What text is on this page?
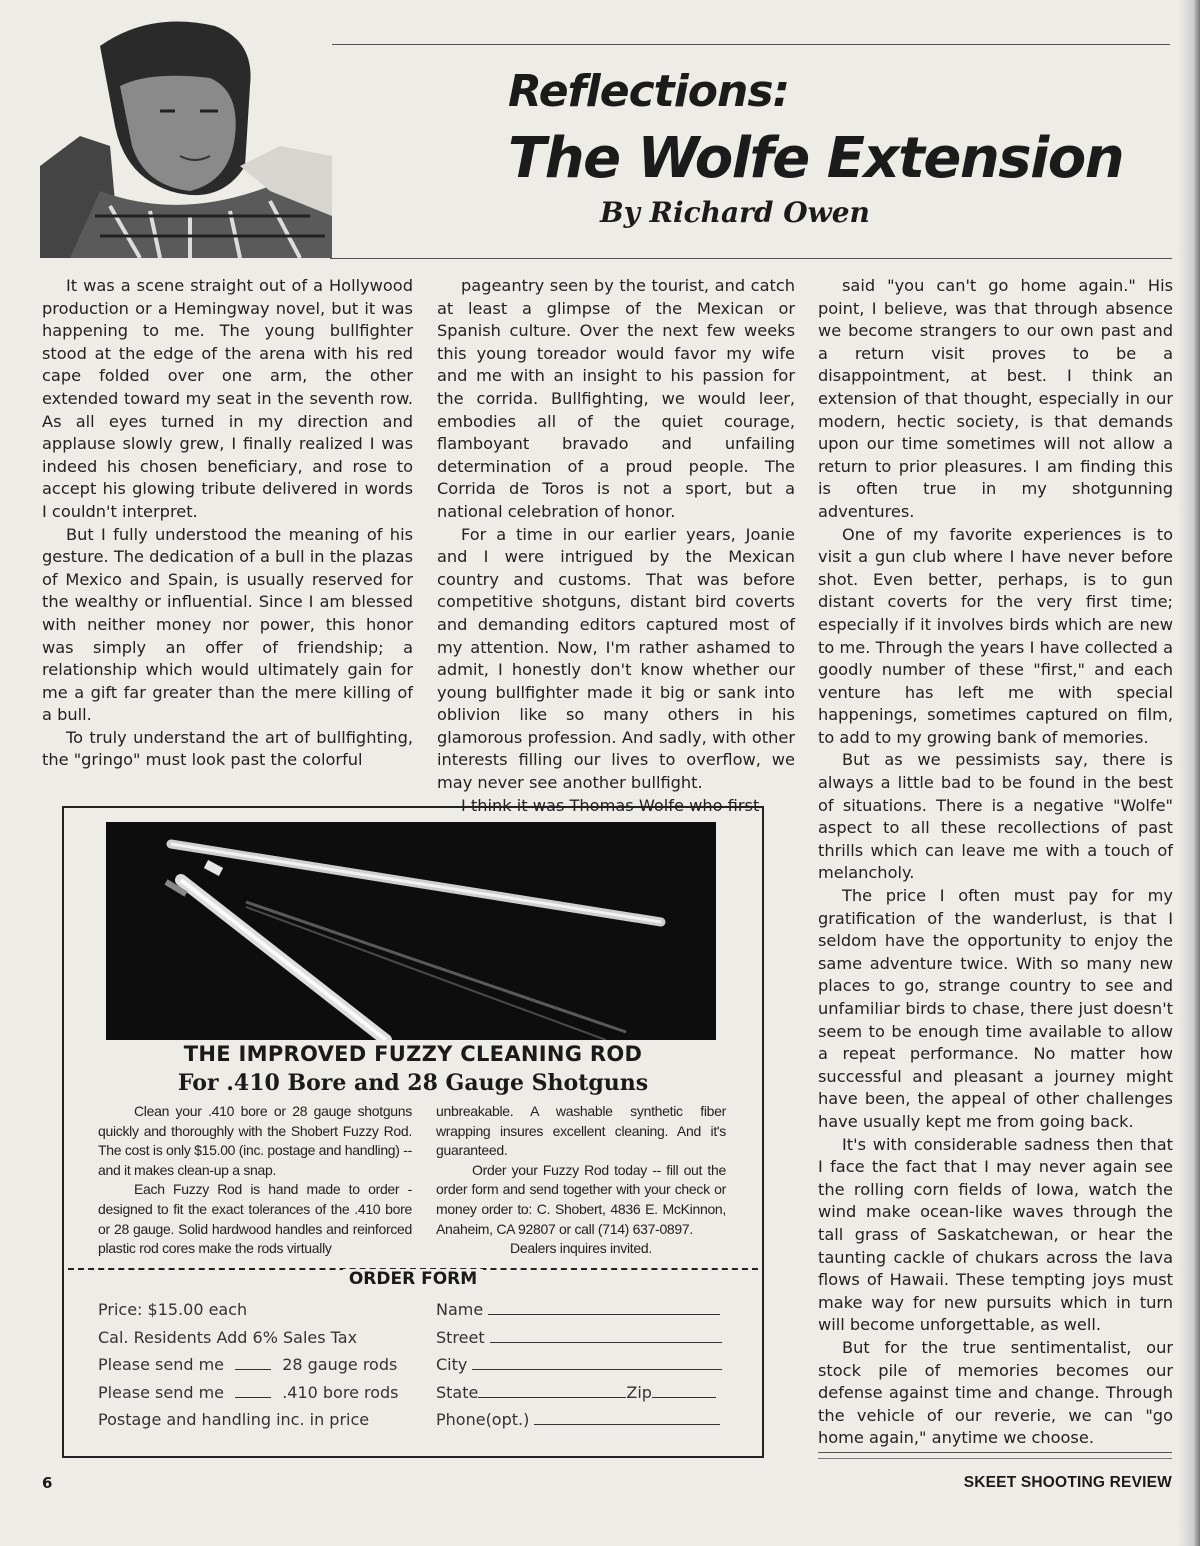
Reflections:
The Wolfe Extension
By Richard Owen

It was a scene straight out of a Hollywood production or a Hemingway novel, but it was happening to me. The young bullfighter stood at the edge of the arena with his red cape folded over one arm, the other extended toward my seat in the seventh row. As all eyes turned in my direction and applause slowly grew, I finally realized I was indeed his chosen beneficiary, and rose to accept his glowing tribute delivered in words I couldn't interpret.

But I fully understood the meaning of his gesture. The dedication of a bull in the plazas of Mexico and Spain, is usually reserved for the wealthy or influential. Since I am blessed with neither money nor power, this honor was simply an offer of friendship; a relationship which would ultimately gain for me a gift far greater than the mere killing of a bull.

To truly understand the art of bullfighting, the "gringo" must look past the colorful

pageantry seen by the tourist, and catch at least a glimpse of the Mexican or Spanish culture. Over the next few weeks this young toreador would favor my wife and me with an insight to his passion for the corrida. Bullfighting, we would leer, embodies all of the quiet courage, flamboyant bravado and unfailing determination of a proud people. The Corrida de Toros is not a sport, but a national celebration of honor.

For a time in our earlier years, Joanie and I were intrigued by the Mexican country and customs. That was before competitive shotguns, distant bird coverts and demanding editors captured most of my attention. Now, I'm rather ashamed to admit, I honestly don't know whether our young bullfighter made it big or sank into oblivion like so many others in his glamorous profession. And sadly, with other interests filling our lives to overflow, we may never see another bullfight.

I think it was Thomas Wolfe who first

said "you can't go home again." His point, I believe, was that through absence we become strangers to our own past and a return visit proves to be a disappointment, at best. I think an extension of that thought, especially in our modern, hectic society, is that demands upon our time sometimes will not allow a return to prior pleasures. I am finding this is often true in my shotgunning adventures.

One of my favorite experiences is to visit a gun club where I have never before shot. Even better, perhaps, is to gun distant coverts for the very first time; especially if it involves birds which are new to me. Through the years I have collected a goodly number of these "first," and each venture has left me with special happenings, sometimes captured on film, to add to my growing bank of memories.

But as we pessimists say, there is always a little bad to be found in the best of situations. There is a negative "Wolfe" aspect to all these recollections of past thrills which can leave me with a touch of melancholy.

The price I often must pay for my gratification of the wanderlust, is that I seldom have the opportunity to enjoy the same adventure twice. With so many new places to go, strange country to see and unfamiliar birds to chase, there just doesn't seem to be enough time available to allow a repeat performance. No matter how successful and pleasant a journey might have been, the appeal of other challenges have usually kept me from going back.

It's with considerable sadness then that I face the fact that I may never again see the rolling corn fields of Iowa, watch the wind make ocean-like waves through the tall grass of Saskatchewan, or hear the taunting cackle of chukars across the lava flows of Hawaii. These tempting joys must make way for new pursuits which in turn will become unforgettable, as well.

But for the true sentimentalist, our stock pile of memories becomes our defense against time and change. Through the vehicle of our reverie, we can "go home again," anytime we choose.

THE IMPROVED FUZZY CLEANING ROD
For .410 Bore and 28 Gauge Shotguns

Clean your .410 bore or 28 gauge shotguns quickly and thoroughly with the Shobert Fuzzy Rod. The cost is only $15.00 (inc. postage and handling) -- and it makes clean-up a snap.

Each Fuzzy Rod is hand made to order - designed to fit the exact tolerances of the .410 bore or 28 gauge. Solid hardwood handles and reinforced plastic rod cores make the rods virtually

unbreakable. A washable synthetic fiber wrapping insures excellent cleaning. And it's guaranteed.

Order your Fuzzy Rod today -- fill out the order form and send together with your check or money order to: C. Shobert, 4836 E. McKinnon, Anaheim, CA 92807 or call (714) 637-0897.

Dealers inquires invited.

ORDER FORM
Price: $15.00 each
Cal. Residents Add 6% Sales Tax
Please send me	28 gauge rods
Please send me	.410 bore rods
Postage and handling inc. in price
Name
Street
City
State	Zip
Phone(opt.)
6	SKEET SHOOTING REVIEW
